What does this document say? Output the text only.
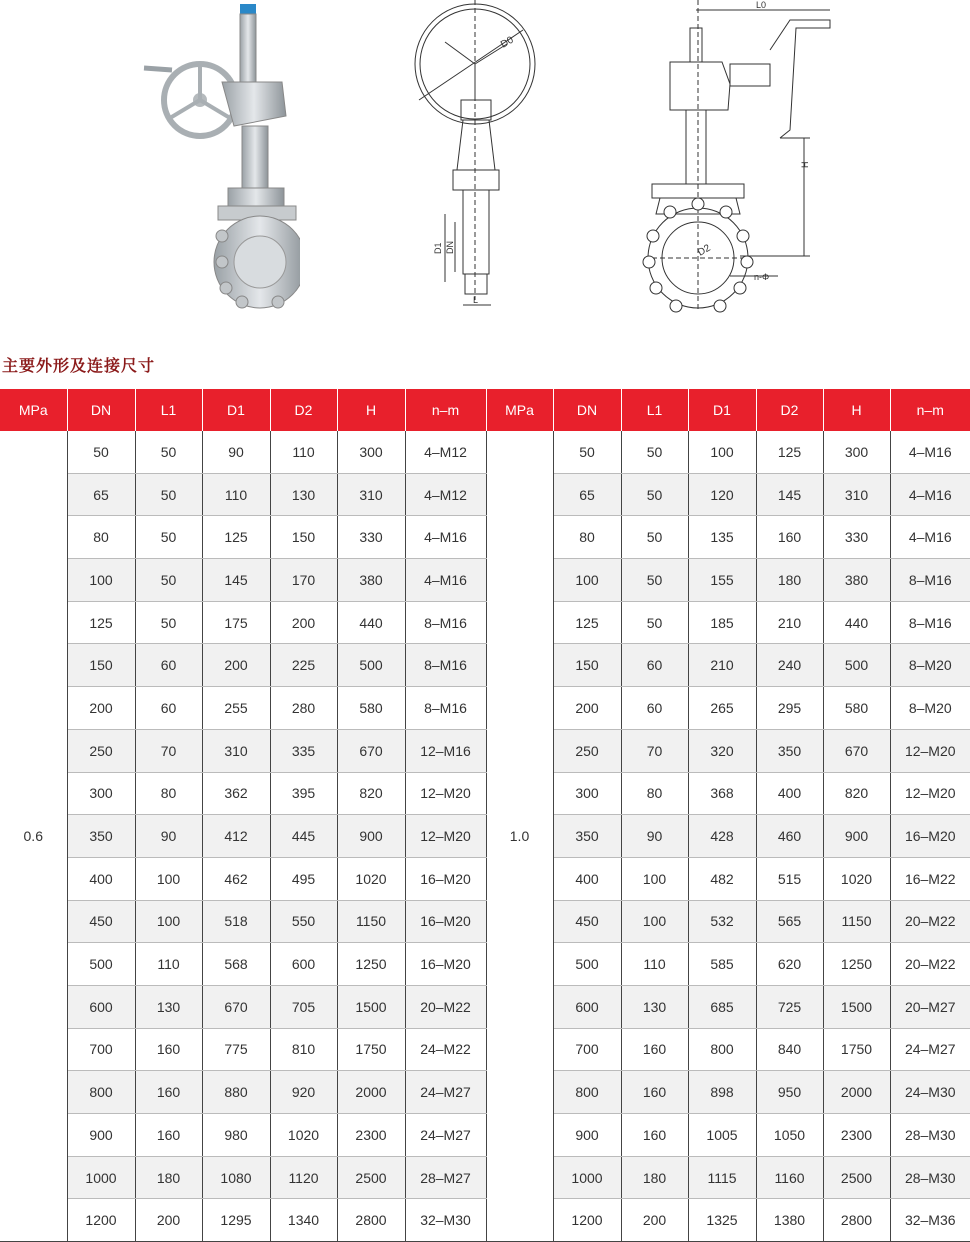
D0
D1 DN
L
L0
H
D2
n-Φ
主要外形及连接尺寸
MPa	DN	L1	D1	D2	H	n–m	MPa	DN	L1	D1	D2	H	n–m
0.6	50	50	90	110	300	4–M12	1.0	50	50	100	125	300	4–M16
	65	50	110	130	310	4–M12		65	50	120	145	310	4–M16
	80	50	125	150	330	4–M16		80	50	135	160	330	4–M16
	100	50	145	170	380	4–M16		100	50	155	180	380	8–M16
	125	50	175	200	440	8–M16		125	50	185	210	440	8–M16
	150	60	200	225	500	8–M16		150	60	210	240	500	8–M20
	200	60	255	280	580	8–M16		200	60	265	295	580	8–M20
	250	70	310	335	670	12–M16		250	70	320	350	670	12–M20
	300	80	362	395	820	12–M20		300	80	368	400	820	12–M20
	350	90	412	445	900	12–M20		350	90	428	460	900	16–M20
	400	100	462	495	1020	16–M20		400	100	482	515	1020	16–M22
	450	100	518	550	1150	16–M20		450	100	532	565	1150	20–M22
	500	110	568	600	1250	16–M20		500	110	585	620	1250	20–M22
	600	130	670	705	1500	20–M22		600	130	685	725	1500	20–M27
	700	160	775	810	1750	24–M22		700	160	800	840	1750	24–M27
	800	160	880	920	2000	24–M27		800	160	898	950	2000	24–M30
	900	160	980	1020	2300	24–M27		900	160	1005	1050	2300	28–M30
	1000	180	1080	1120	2500	28–M27		1000	180	1115	1160	2500	28–M30
	1200	200	1295	1340	2800	32–M30		1200	200	1325	1380	2800	32–M36
